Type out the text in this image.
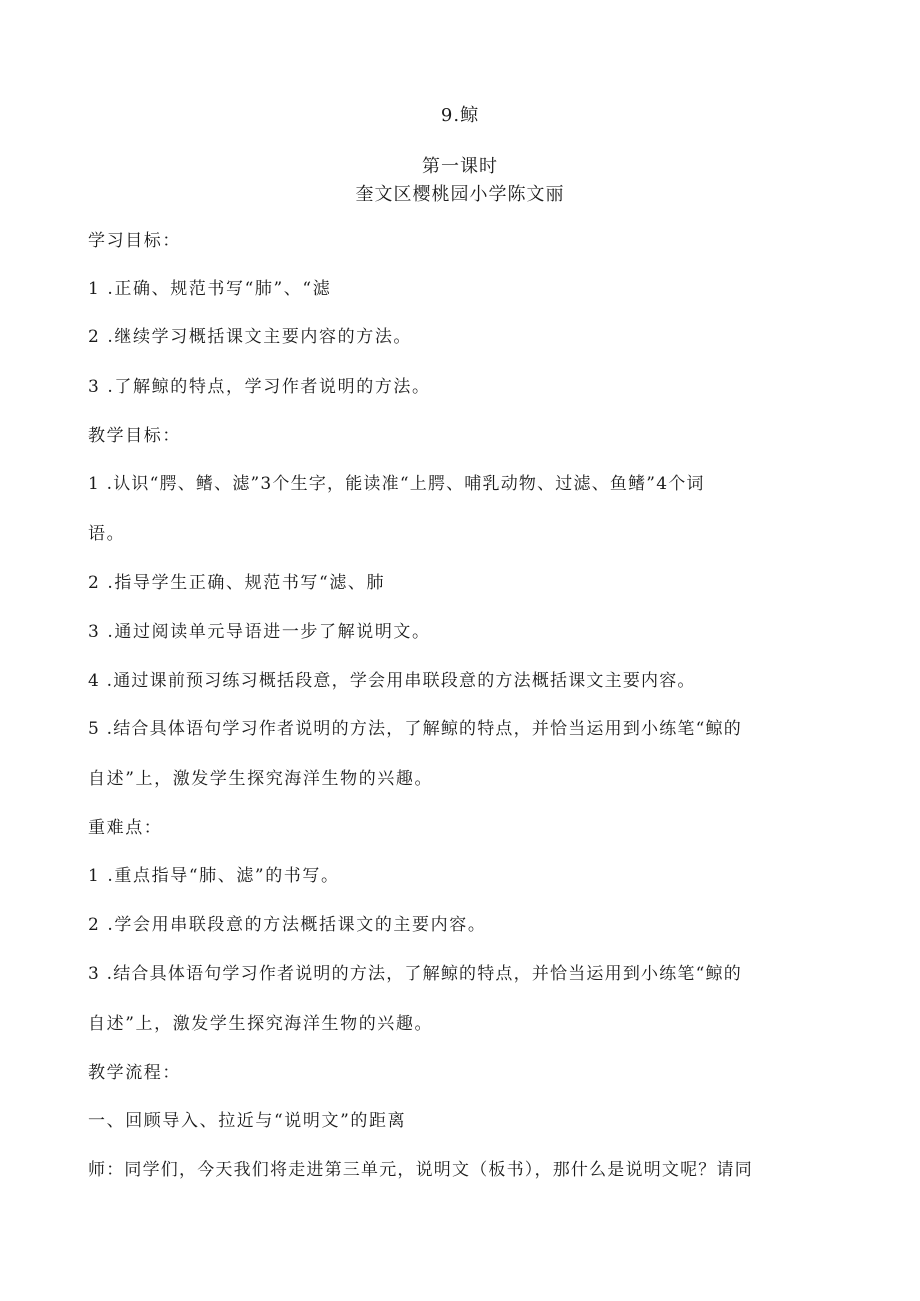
9.鲸
第一课时
奎文区樱桃园小学陈文丽
学习目标：
1 .正确、规范书写“肺”、“滤
2 .继续学习概括课文主要内容的方法。
3 .了解鲸的特点，学习作者说明的方法。
教学目标：
1 .认识“腭、鳍、滤”3个生字，能读准“上腭、哺乳动物、过滤、鱼鳍”4个词
语。
2 .指导学生正确、规范书写“滤、肺
3 .通过阅读单元导语进一步了解说明文。
4 .通过课前预习练习概括段意，学会用串联段意的方法概括课文主要内容。
5 .结合具体语句学习作者说明的方法，了解鲸的特点，并恰当运用到小练笔“鲸的
自述”上，激发学生探究海洋生物的兴趣。
重难点：
1 .重点指导“肺、滤”的书写。
2 .学会用串联段意的方法概括课文的主要内容。
3 .结合具体语句学习作者说明的方法，了解鲸的特点，并恰当运用到小练笔“鲸的
自述”上，激发学生探究海洋生物的兴趣。
教学流程：
一、回顾导入、拉近与“说明文”的距离
师：同学们，今天我们将走进第三单元，说明文（板书），那什么是说明文呢？请同
